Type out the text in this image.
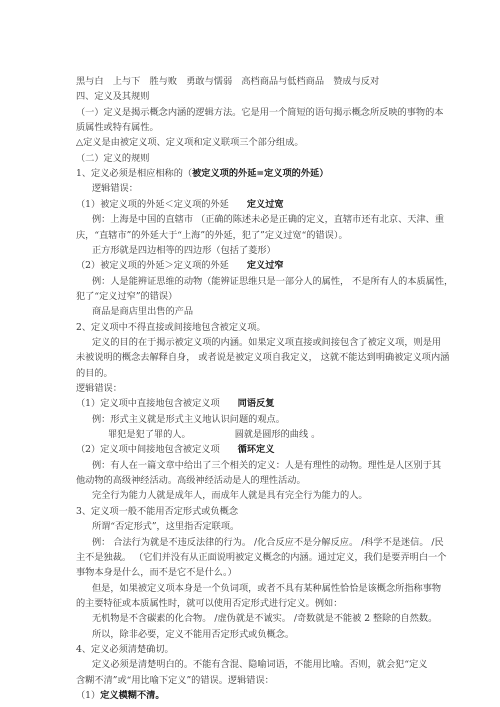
黑与白　上与下　胜与败　勇敢与懦弱　高档商品与低档商品　赞成与反对
四、定义及其规则
（一）定义是揭示概念内涵的逻辑方法。它是用一个简短的语句揭示概念所反映的事物的本
质属性或特有属性。
△定义是由被定义项、定义项和定义联项三个部分组成。
（二）定义的规则
1、定义必须是相应相称的（被定义项的外延=定义项的外延）
逻辑错误：
（1）被定义项的外延＜定义项的外延 定义过宽
例：上海是中国的直辖市 （正确的陈述未必是正确的定义，直辖市还有北京、天津、重
庆，“直辖市”的外延大于“上海”的外延，犯了”定义过宽“的错误）。
正方形就是四边相等的四边形（包括了菱形）
（2）被定义项的外延＞定义项的外延 定义过窄
例：人是能辨证思维的动物（能辨证思维只是一部分人的属性， 不是所有人的本质属性，
犯了“定义过窄”的错误）
商品是商店里出售的产品
2、定义项中不得直接或间接地包含被定义项。
定义的目的在于揭示被定义项的内涵。如果定义项直接或间接包含了被定义项，则是用
未被说明的概念去解释自身， 或者说是被定义项自我定义， 这就不能达到明确被定义项内涵
的目的。
逻辑错误：
（1）定义项中直接地包含被定义项 同语反复
例：形式主义就是形式主义地认识问题的观点。
罪犯是犯了罪的人。	圆就是圆形的曲线 。
（2）定义项中间接地包含被定义项 循环定义
例：有人在一篇文章中给出了三个相关的定义：人是有理性的动物。理性是人区别于其
他动物的高级神经活动。高级神经活动是人的理性活动。
完全行为能力人就是成年人，而成年人就是具有完全行为能力的人。
3、定义项一般不能用否定形式或负概念
所谓“否定形式”，这里指否定联项。
例： 合法行为就是不违反法律的行为。 /化合反应不是分解反应。 /科学不是迷信。 /民
主不是独裁。 （它们并没有从正面说明被定义概念的内涵。通过定义，我们是要弄明白一个
事物本身是什么，而不是它不是什么。）
但是，如果被定义项本身是一个负词项，或者不具有某种属性恰恰是该概念所指称事物
的主要特征或本质属性时，就可以使用否定形式进行定义。例如：
无机物是不含碳素的化合物。 /虚伪就是不诚实。 /奇数就是不能被 2 整除的自然数。
所以，除非必要，定义不能用否定形式或负概念。
4、定义必须清楚确切。
定义必须是清楚明白的。不能有含混、隐喻词语，不能用比喻。否则，就会犯“定义
含糊不清”或“用比喻下定义”的错误。逻辑错误：
（1）定义模糊不清。
